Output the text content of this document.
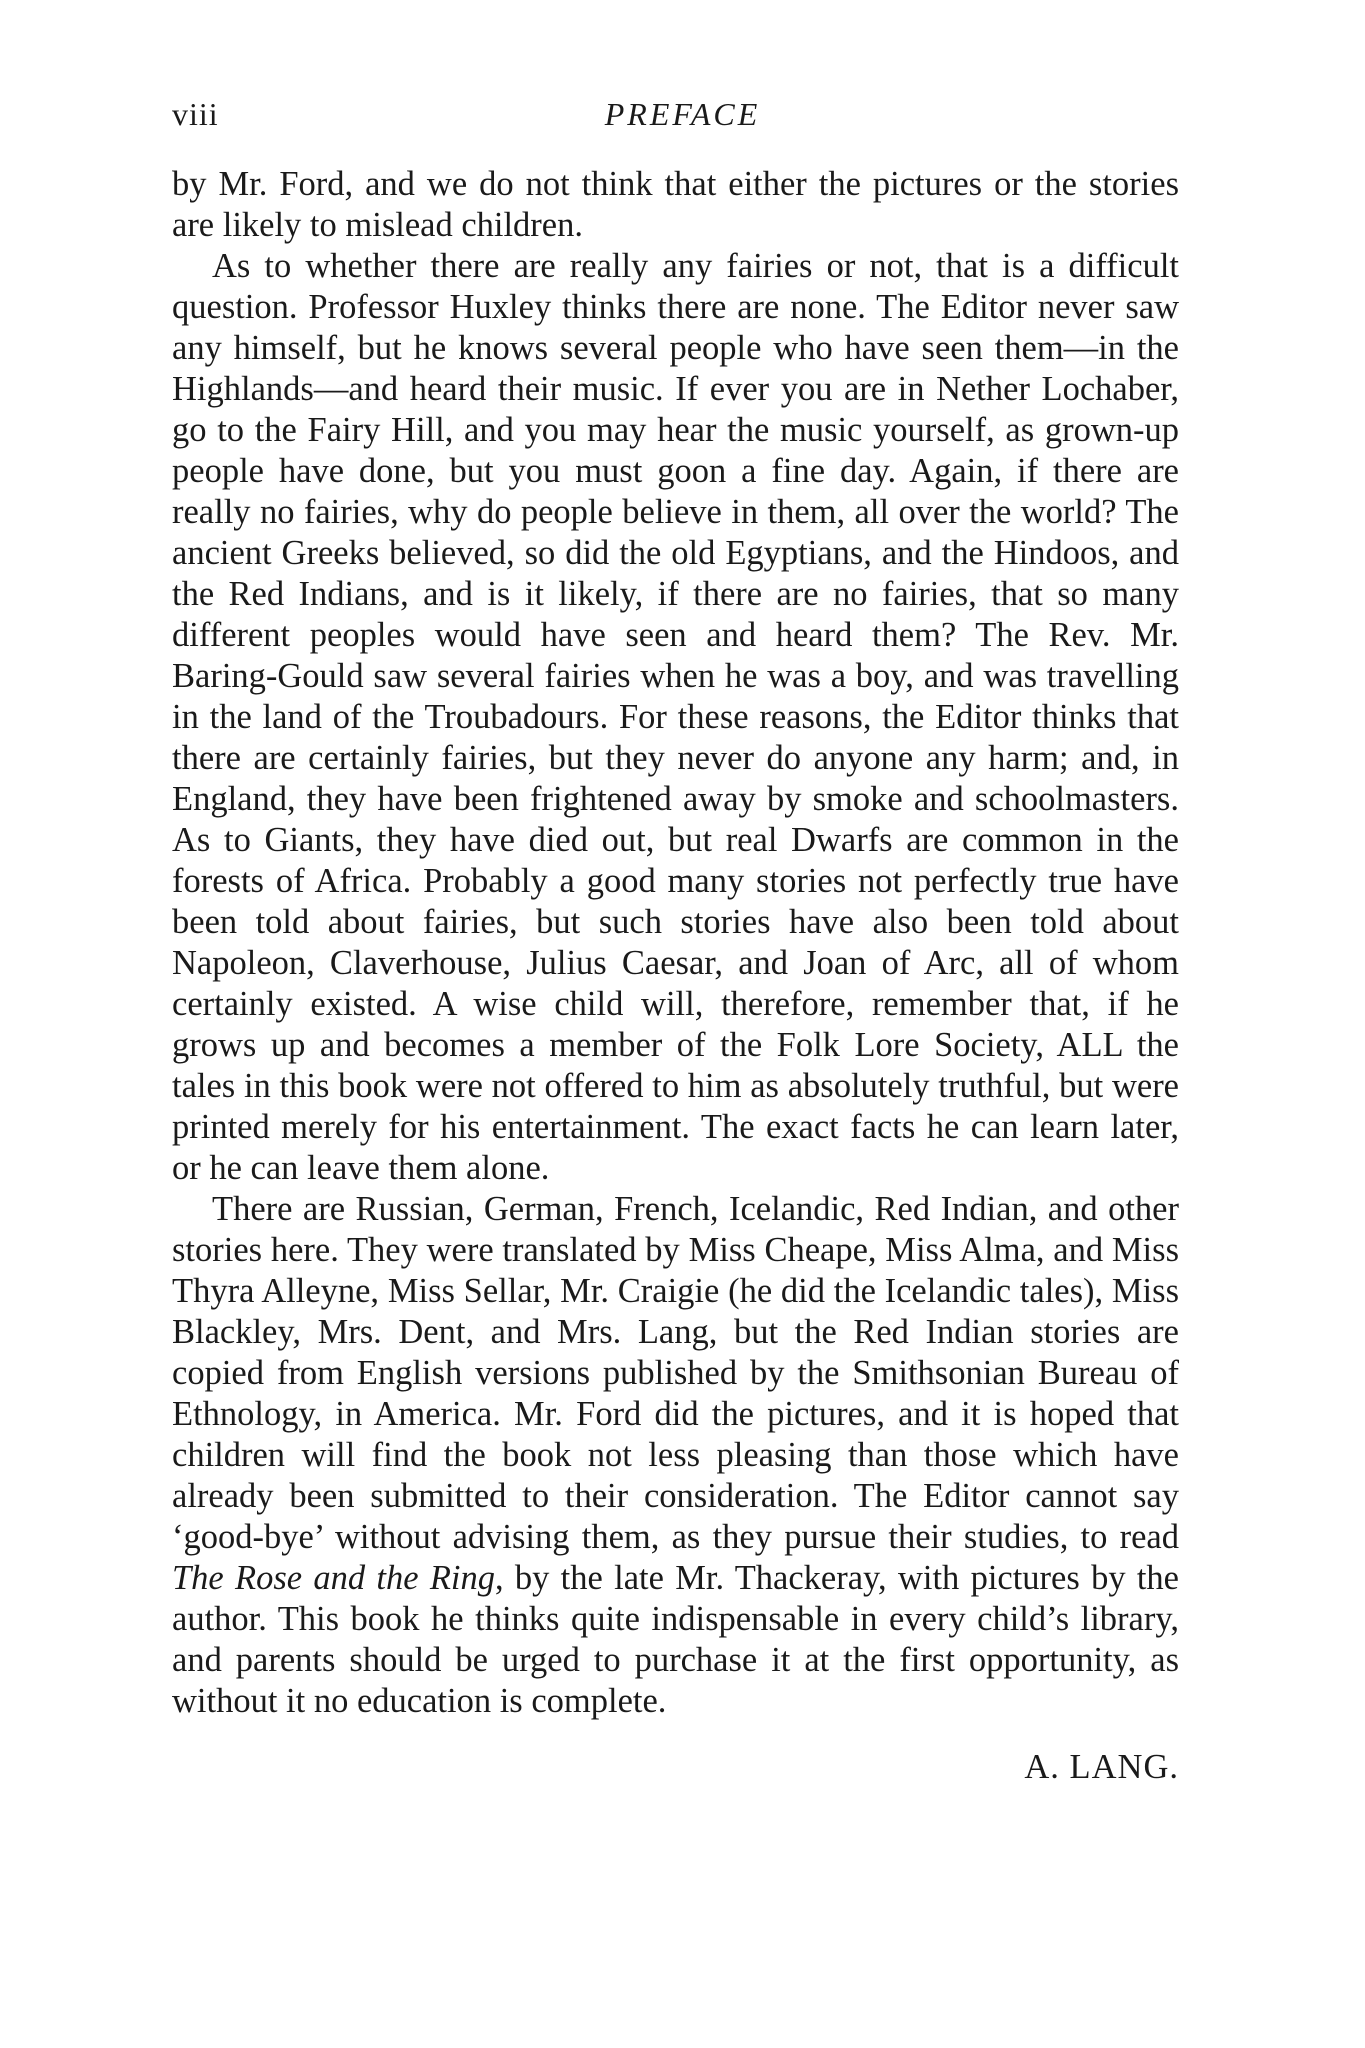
viii	PREFACE

by Mr. Ford, and we do not think that either the pictures or the stories are likely to mislead children.

As to whether there are really any fairies or not, that is a difficult question. Professor Huxley thinks there are none. The Editor never saw any himself, but he knows several people who have seen them—in the Highlands—and heard their music. If ever you are in Nether Lochaber, go to the Fairy Hill, and you may hear the music yourself, as grown-up people have done, but you must goon a fine day. Again, if there are really no fairies, why do people believe in them, all over the world? The ancient Greeks believed, so did the old Egyptians, and the Hindoos, and the Red Indians, and is it likely, if there are no fairies, that so many different peoples would have seen and heard them? The Rev. Mr. Baring-Gould saw several fairies when he was a boy, and was travelling in the land of the Troubadours. For these reasons, the Editor thinks that there are certainly fairies, but they never do anyone any harm; and, in England, they have been frightened away by smoke and schoolmasters. As to Giants, they have died out, but real Dwarfs are common in the forests of Africa. Probably a good many stories not perfectly true have been told about fairies, but such stories have also been told about Napoleon, Claverhouse, Julius Caesar, and Joan of Arc, all of whom certainly existed. A wise child will, therefore, remember that, if he grows up and becomes a member of the Folk Lore Society, ALL the tales in this book were not offered to him as absolutely truthful, but were printed merely for his entertainment. The exact facts he can learn later, or he can leave them alone.

There are Russian, German, French, Icelandic, Red Indian, and other stories here. They were translated by Miss Cheape, Miss Alma, and Miss Thyra Alleyne, Miss Sellar, Mr. Craigie (he did the Icelandic tales), Miss Blackley, Mrs. Dent, and Mrs. Lang, but the Red Indian stories are copied from English versions published by the Smithsonian Bureau of Ethnology, in America. Mr. Ford did the pictures, and it is hoped that children will find the book not less pleasing than those which have already been submitted to their consideration. The Editor cannot say ‘good-bye’ without advising them, as they pursue their studies, to read The Rose and the Ring, by the late Mr. Thackeray, with pictures by the author. This book he thinks quite indispensable in every child’s library, and parents should be urged to purchase it at the first opportunity, as without it no education is complete.

A. LANG.
